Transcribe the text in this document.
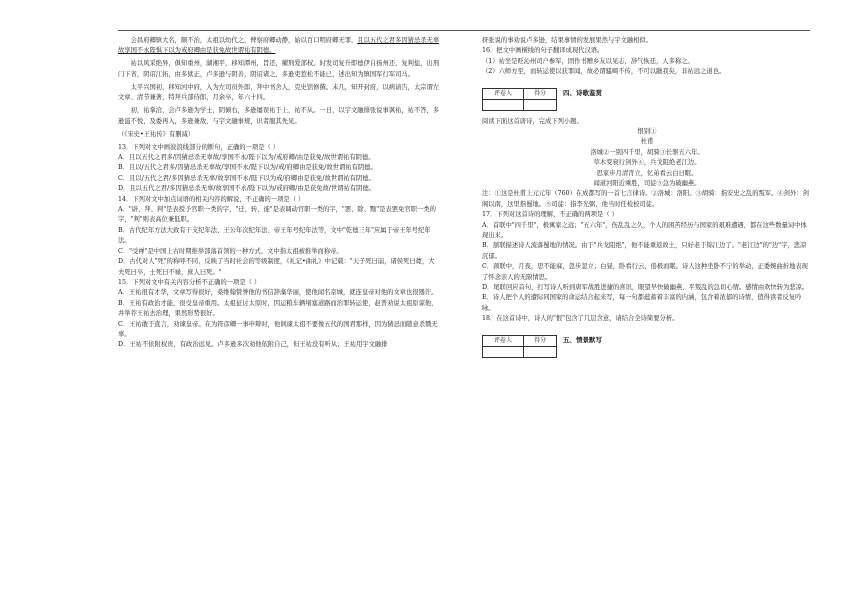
会昌府卿镇大名，颇不治，太祖以幼代之，俾察府卿动静，始以百口明府卿无罪，且以五代之君多因猜忌杀无辜故享国不永陛惧下以为戒府卿由是获免故世谓祐有阴德。

祐以风采绝异，俱知重州，湖湘平，移知潭州，旨还，擢刑爱部权。时发司复升即德伊自扬州还，复判盐，出刑门下省，阴诏江拓，由多狱正，卢多逊与阴善，阴诏诸之，多逊吏惹松不能已，述出知为镇国军行军司马。

太平兴国初，移知河中府，入为左司员外郎，拜中书舍人，克史馆修撰。未几，知开封府，以病请告，太宗谓左文章、清节兼著，特拜兵部侍郎，月余卒，年六十四。

初，祐掌洽，会卢多逊为学士，阴倾右，多逊屡误祐于上，祐不从。一日，以宇文融排张说事讽祐，祐不答，多逊滋不悦，及委再入，多逊兼敌，与宇文融事规，识者服其先见。

（《宋史•王祐传》有删减）

13．下列对文中画波浪线部分的断句，正确的一项是（ ）

A．且以五代之君多/因猜忌杀无辜故/享国不永/陛下以为/戒府卿/由是获免/故世谓祐有阴德。

B．且以/五代之君多/因猜忌杀无辜故/享国不永/陛下以为/戒/府卿由是获免/故世谓祐有阴德。

C．且以/五代之君/多因猜忌杀无辜/故享国不永/陛下以为戒/府卿由是获免/故世谓祐有阴德。

D．且以五代之君/多因猜忌杀无辜/故享国不永/陛下以为/戒府卿/由是获免故/世谓祐有阴德。

14．下列对文中加点词语的相关内容的解说，不正确的一项是（ ）

A．"辟、拜、判"是表授予官职一类的字，"迁、转、徙"是表调动官职一类的字，"罢、除、黜"是表罢免官职一类的字，"判"则表高位兼低职。

B．古代纪年方法大致有干支纪年法、王公年次纪年法、帝王年号纪年法等，文中"乾德三年"应属于帝王年号纪年法。

C．"受禅"是中国上古时期推举部落首领的一种方式，文中指太祖被推举而称帝。

D．古代对人"死"的称呼不同，反映了当时社会的等级制度，《礼记•曲礼》中记载："天子死曰崩，诸侯死曰薨，大夫死曰卒，士死曰不禄，庶人曰死。"

15．下列对文中有关内容分析不正确的一项是（ ）

A．王祐很有才华，文章写得很好，桑维翰赞誉他的书信辞藻华丽，使他闻名京城，就连皇帝对他的文章也很器许。

B．王祐有政治才能，很受皇帝重用。太祖征讨太原时，因运粮车辆堵塞道路而治罪转运使，赵普劝说太祖原谅他，并举荐王祐去治理，果然形势很好。

C．王祐敢于直言，劝谏皇帝。在为符彦卿一事申辩时，他讽谏太祖不要像五代的国君那样，因为猜忌而随意杀戮无辜。

D．王祐不依附权贵，有政治远见。卢多逊多次劝他依附自己，但王祐没有听从；王祐用宇文融排

挤张说的事劝说卢多逊，结果事情的发展果然与宇文融相似。

16．把文中画横线的句子翻译成现代汉语。

（1）祐坐是贬沁州司户参军，固作书赠乡友以见志，辞气恢廷，人多称之。

（2）六师方至，而转运使以获罪闻，故必谓骚畸不传，不可以躐我矣，非祐远之道也。

评卷人	得分
		四、诗歌鉴赏

阅读下面这首唐诗，完成下列小题。

恨别①

杜甫

洛城②一别四千里，胡骑③长驱五六年。

草木变衰行剑外④，兵戈阻绝老江边。

思家步月清宵立，忆弟看云白日眠。

闻道河阳近乘胜，司徒⑤急为破幽燕。

注：①这是杜甫上元元年（760）在成都写的一首七言律诗。②洛城：洛阳。③胡骑：指安史之乱的叛军。④剑外：剑阁以南，这里指蜀地。⑤司徒：指李光弼，他当时任检校司徒。

17．下列对这首诗的理解，不正确的两项是（ ）

A．首联中"四千里"，极寓家之远；"五六年"，伤乱乱之久，个人的困苦经历与国家的艰难遭遇，都在这些数量词中体现出来。

B．颔联描述诗人流落蜀地的情况。由于"兵戈阻绝"，他不能重返故土，只好老于锦江边了。"老江边"的"边"字，悲凉沉郁。

C．颈联中，月夜，思不能寐，忽步忽立；白昼，卧看行云，倦极而眠。诗人这种坐卧不宁的举动，正委婉曲折地表现了怀念亲人的无限情思。

D．尾联回应首句，打写诗人听到唐军战胜进捷的喜讯，眼望早快破幽燕、平叛乱的急切心情。感情由欢快转为悲凉。

E．诗人把个人的遭际同国家的命运结合起来写，每一句都蕴蓄着丰富的内涵，包含着浓郁的诗情，值得读者反复吟咏。

18．在这首诗中，诗人的"恨"包含了几层含意，请结合全诗简要分析。

评卷人	得分
		五、情景默写
